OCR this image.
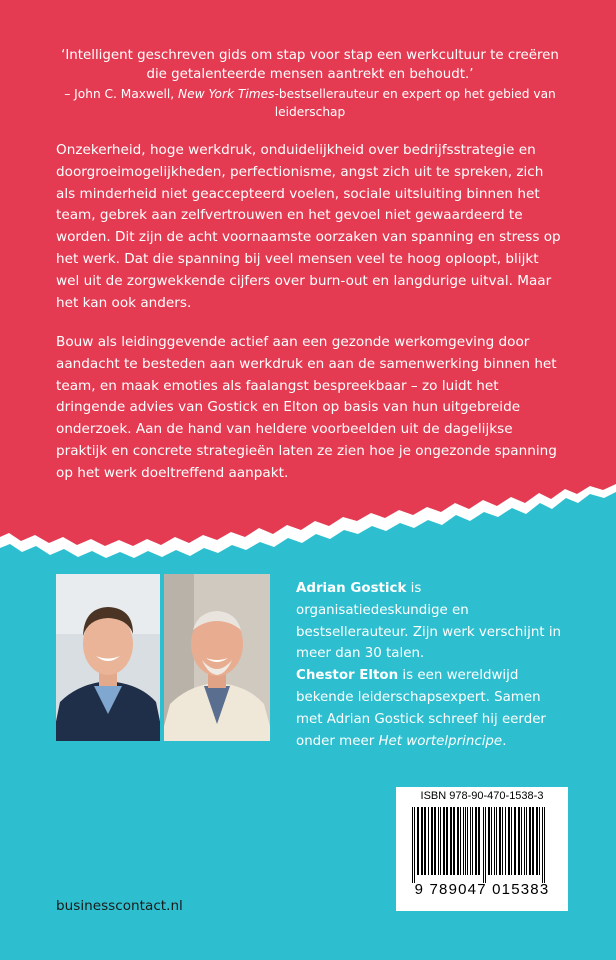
‘Intelligent geschreven gids om stap voor stap een werkcultuur te creëren die getalenteerde mensen aantrekt en behoudt.’
– John C. Maxwell, New York Times-bestsellerauteur en expert op het gebied van leiderschap
Onzekerheid, hoge werkdruk, onduidelijkheid over bedrijfsstrategie en doorgroeimogelijkheden, perfectionisme, angst zich uit te spreken, zich als minderheid niet geaccepteerd voelen, sociale uitsluiting binnen het team, gebrek aan zelfvertrouwen en het gevoel niet gewaardeerd te worden. Dit zijn de acht voornaamste oorzaken van spanning en stress op het werk. Dat die spanning bij veel mensen veel te hoog oploopt, blijkt wel uit de zorgwekkende cijfers over burn-out en langdurige uitval. Maar het kan ook anders.
Bouw als leidinggevende actief aan een gezonde werkomgeving door aandacht te besteden aan werkdruk en aan de samenwerking binnen het team, en maak emoties als faalangst bespreekbaar – zo luidt het dringende advies van Gostick en Elton op basis van hun uitgebreide onderzoek. Aan de hand van heldere voorbeelden uit de dagelijkse praktijk en concrete strategieën laten ze zien hoe je ongezonde spanning op het werk doeltreffend aanpakt.
Adrian Gostick is organisatiedeskundige en bestsellerauteur. Zijn werk verschijnt in meer dan 30 talen.
Chestor Elton is een wereldwijd bekende leiderschapsexpert. Samen met Adrian Gostick schreef hij eerder onder meer Het wortelprincipe.
ISBN 978-90-470-1538-3
9 789047 015383
businesscontact.nl
